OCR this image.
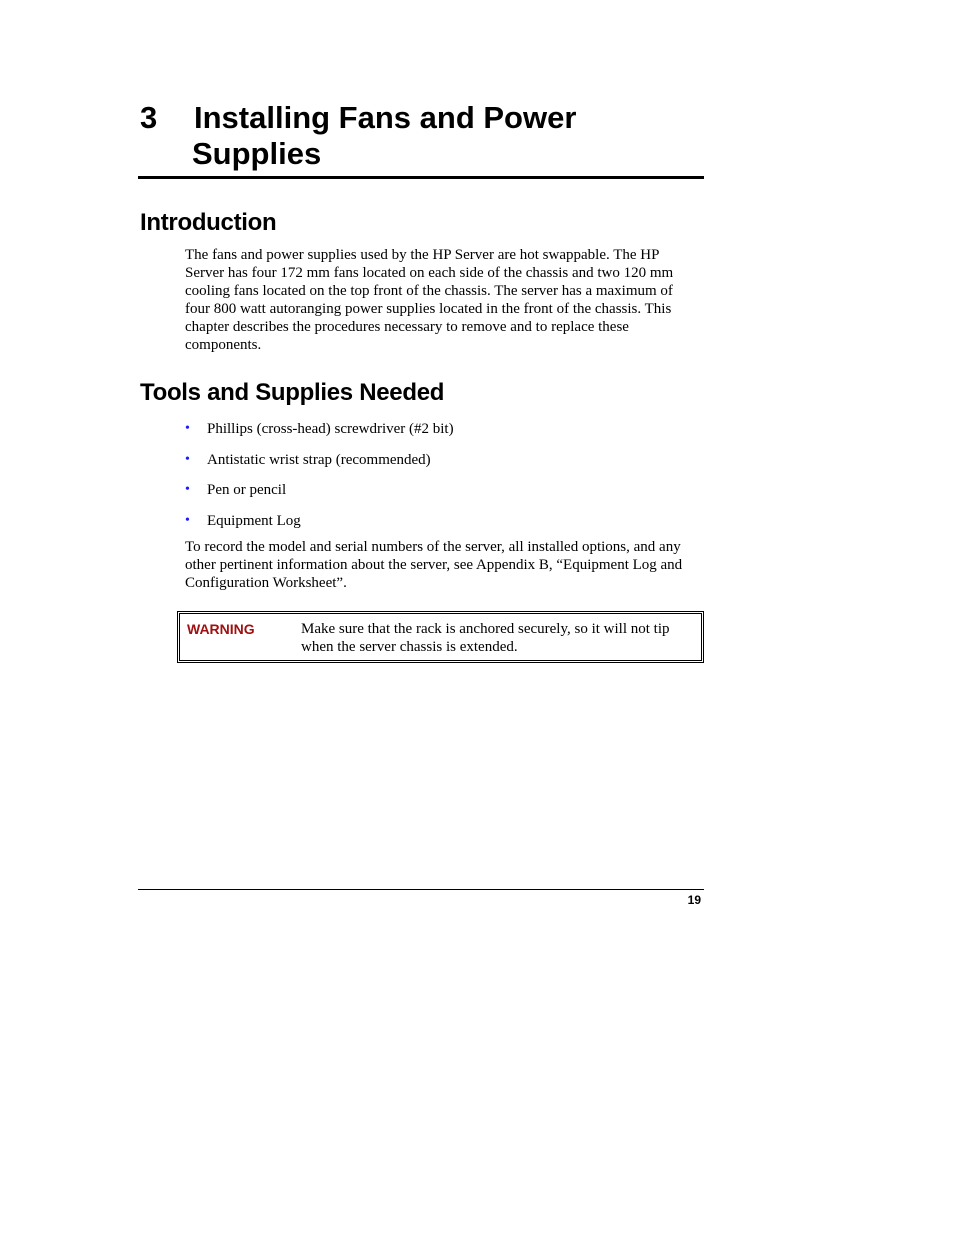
3 Installing Fans and Power
Supplies
Introduction

The fans and power supplies used by the HP Server are hot swappable. The HP Server has four 172 mm fans located on each side of the chassis and two 120 mm cooling fans located on the top front of the chassis. The server has a maximum of four 800 watt autoranging power supplies located in the front of the chassis. This chapter describes the procedures necessary to remove and to replace these components.

Tools and Supplies Needed
•	Phillips (cross-head) screwdriver (#2 bit)
•	Antistatic wrist strap (recommended)
•	Pen or pencil
•	Equipment Log

To record the model and serial numbers of the server, all installed options, and any other pertinent information about the server, see Appendix B, “Equipment Log and Configuration Worksheet”.

WARNING	Make sure that the rack is anchored securely, so it will not tip when the server chassis is extended.
19
